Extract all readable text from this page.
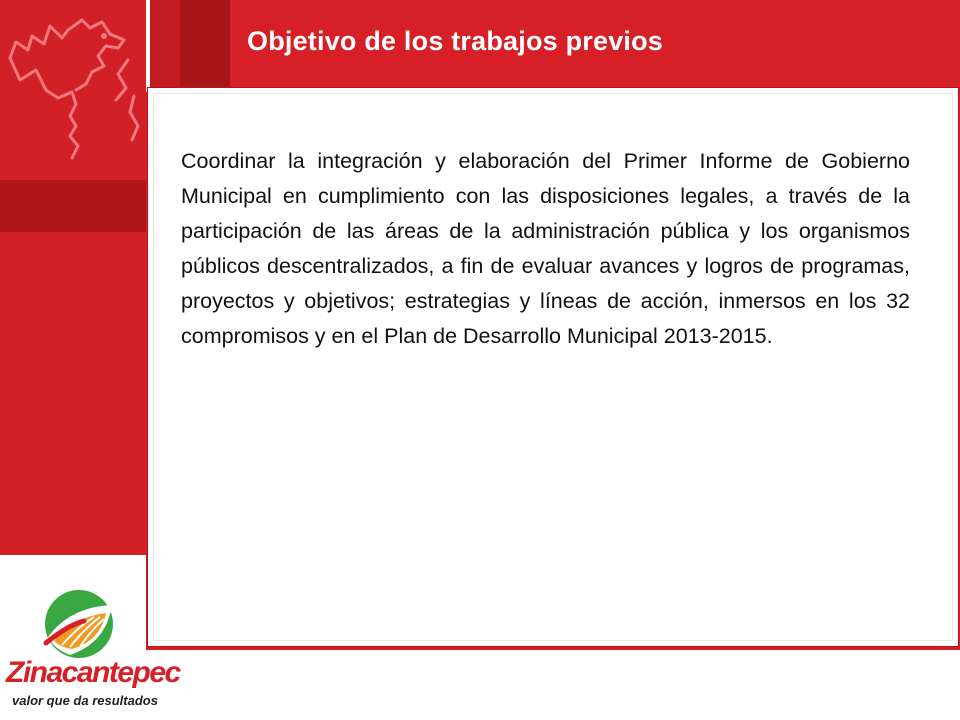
Objetivo de los trabajos previos

Coordinar la integración y elaboración del Primer Informe de Gobierno Municipal en cumplimiento con las disposiciones legales, a través de la participación de las áreas de la administración pública y los organismos públicos descentralizados, a fin de evaluar avances y logros de programas, proyectos y objetivos; estrategias y líneas de acción, inmersos en los 32 compromisos y en el Plan de Desarrollo Municipal 2013-2015.

Zinacantepec

valor que da resultados
